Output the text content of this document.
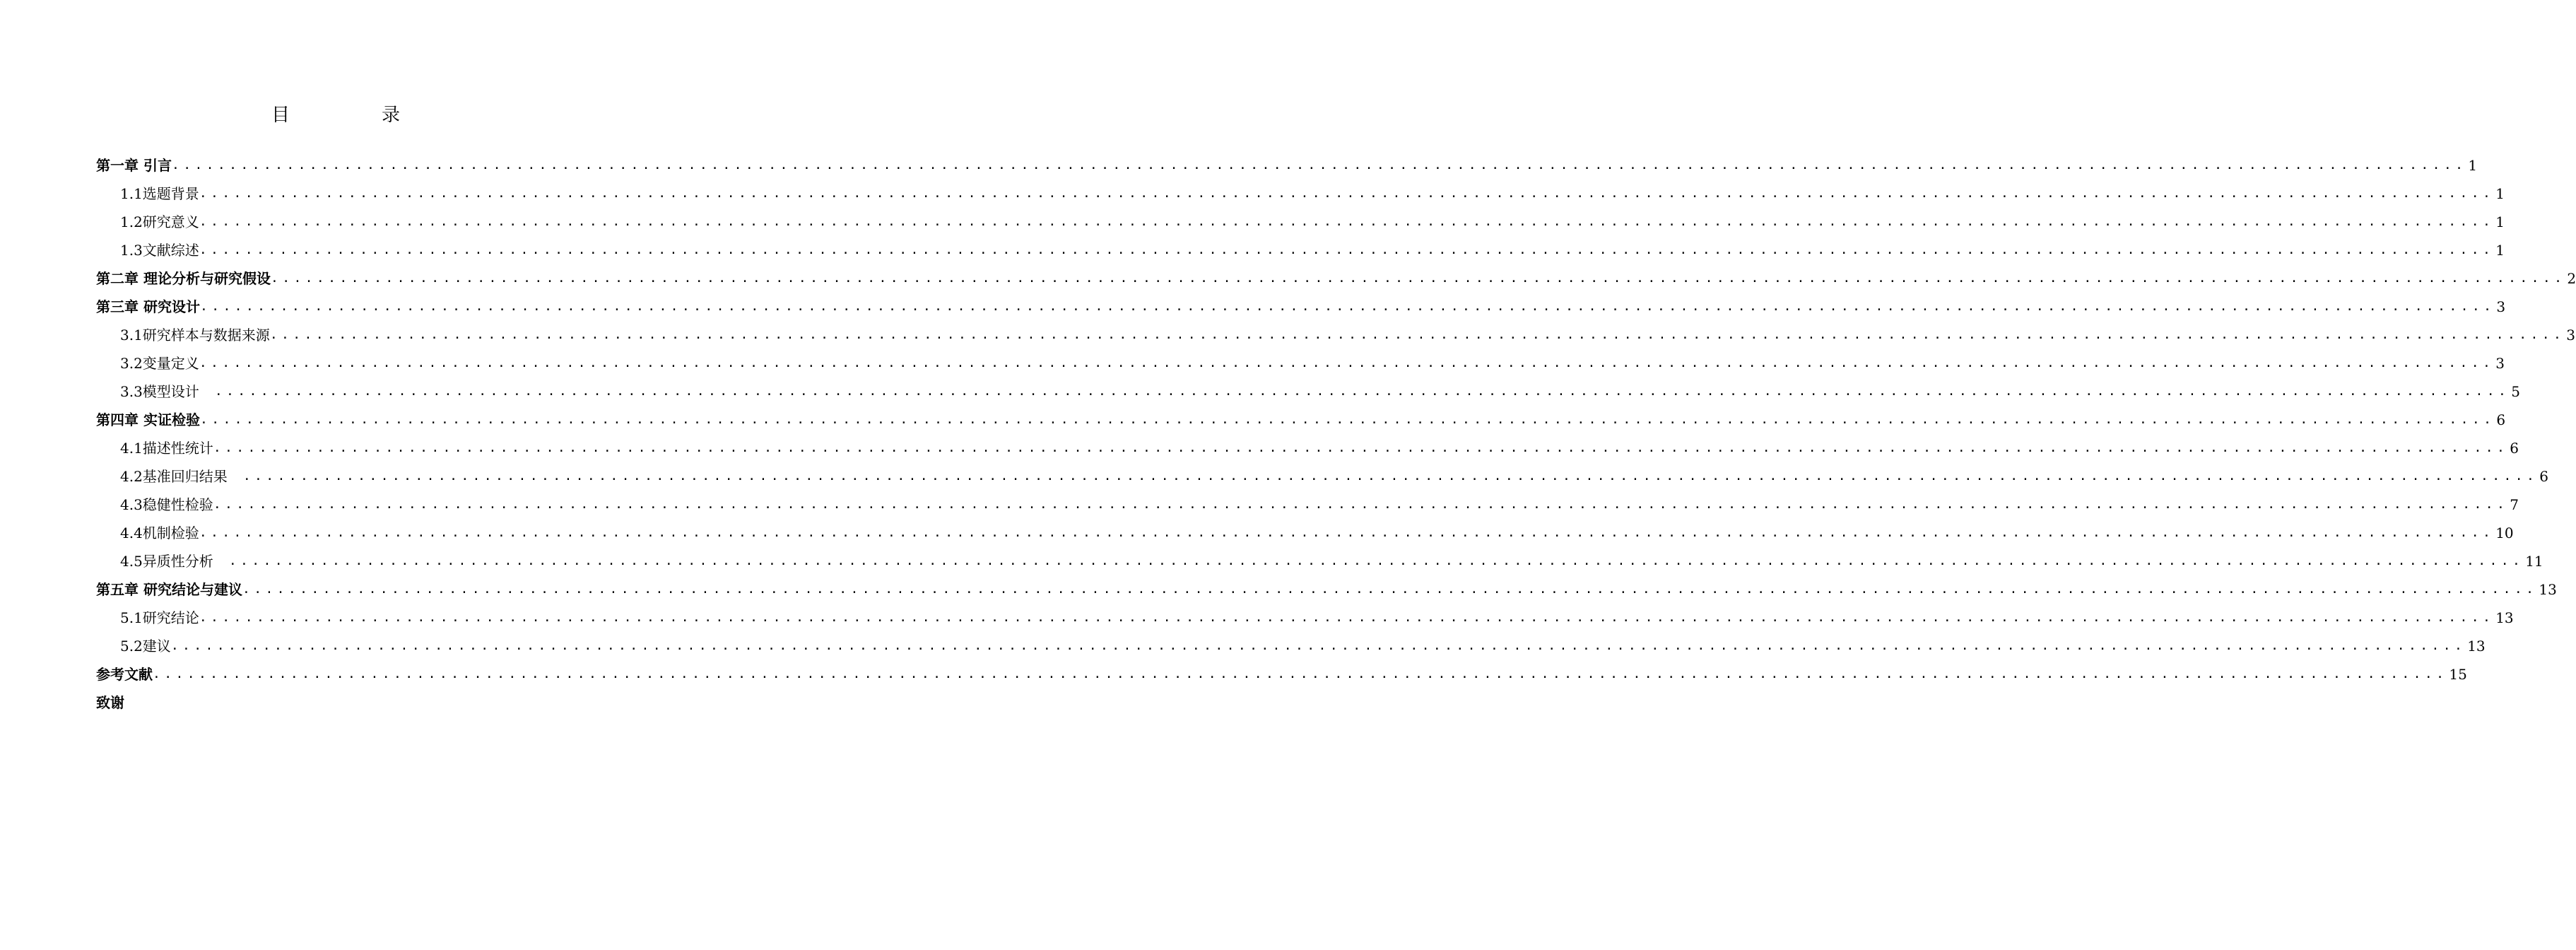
目　录
第一章 引言 ........................................................................................................................................................................................................ 1
1.1选题背景 ........................................................................................................................................................................................................ 1
1.2研究意义 ........................................................................................................................................................................................................ 1
1.3文献综述 ........................................................................................................................................................................................................ 1
第二章 理论分析与研究假设 ........................................................................................................................................................................................................ 2
第三章 研究设计 ........................................................................................................................................................................................................ 3
3.1研究样本与数据来源 ........................................................................................................................................................................................................ 3
3.2变量定义 ........................................................................................................................................................................................................ 3
3.3模型设计 ........................................................................................................................................................................................................ 5
第四章 实证检验 ........................................................................................................................................................................................................ 6
4.1描述性统计 ........................................................................................................................................................................................................ 6
4.2基准回归结果 ........................................................................................................................................................................................................ 6
4.3稳健性检验 ........................................................................................................................................................................................................ 7
4.4机制检验 ........................................................................................................................................................................................................ 10
4.5异质性分析 ........................................................................................................................................................................................................ 11
第五章 研究结论与建议 ........................................................................................................................................................................................................ 13
5.1研究结论 ........................................................................................................................................................................................................ 13
5.2建议 ........................................................................................................................................................................................................ 13
参考文献 ........................................................................................................................................................................................................ 15
致谢
